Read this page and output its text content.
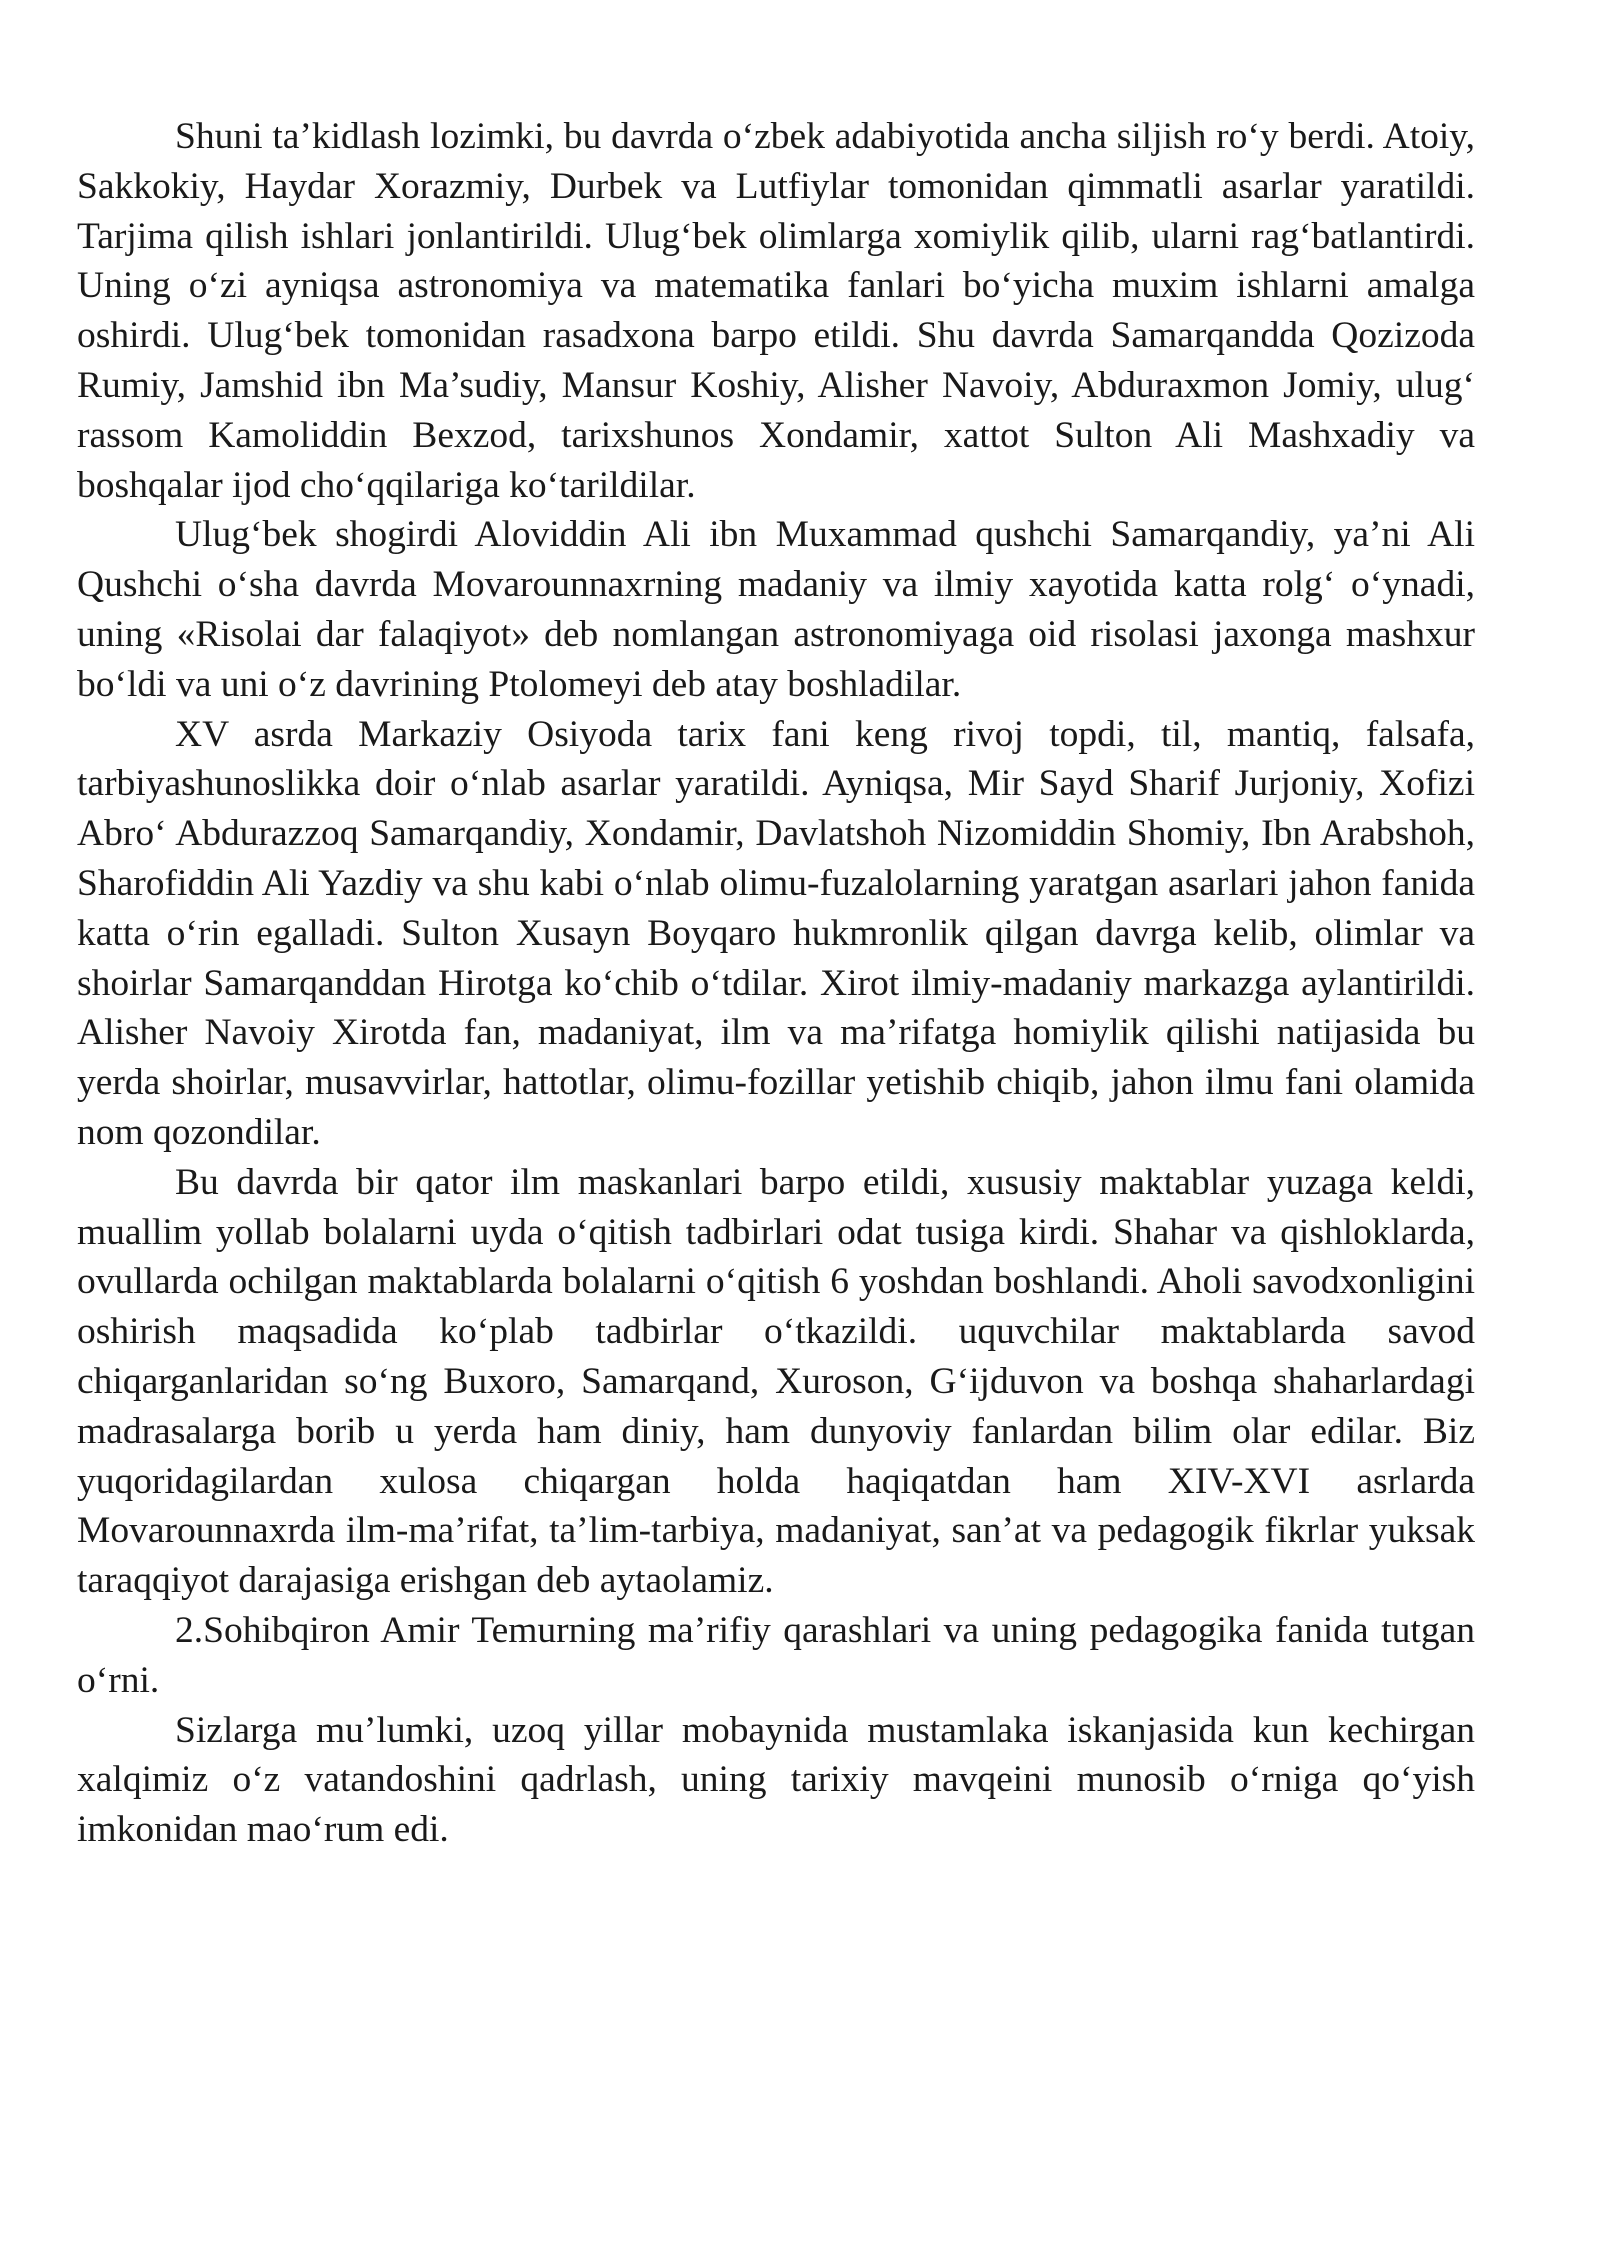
Shuni ta’kidlash lozimki, bu davrda o‘zbek adabiyotida ancha siljish ro‘y berdi. Atoiy, Sakkokiy, Haydar Xorazmiy, Durbek va Lutfiylar tomonidan qimmatli asarlar yaratildi. Tarjima qilish ishlari jonlantirildi. Ulug‘bek olimlarga xomiylik qilib, ularni rag‘batlantirdi. Uning o‘zi ayniqsa astronomiya va matematika fanlari bo‘yicha muxim ishlarni amalga oshirdi. Ulug‘bek tomonidan rasadxona barpo etildi. Shu davrda Samarqandda Qozizoda Rumiy, Jamshid ibn Ma’sudiy, Mansur Koshiy, Alisher Navoiy, Abduraxmon Jomiy, ulug‘ rassom Kamoliddin Bexzod, tarixshunos Xondamir, xattot Sulton Ali Mashxadiy va boshqalar ijod cho‘qqilariga ko‘tarildilar.

Ulug‘bek shogirdi Aloviddin Ali ibn Muxammad qushchi Samarqandiy, ya’ni Ali Qushchi o‘sha davrda Movarounnaxrning madaniy va ilmiy xayotida katta rolg‘ o‘ynadi, uning «Risolai dar falaqiyot» deb nomlangan astronomiyaga oid risolasi jaxonga mashxur bo‘ldi va uni o‘z davrining Ptolomeyi deb atay boshladilar.

XV asrda Markaziy Osiyoda tarix fani keng rivoj topdi, til, mantiq, falsafa, tarbiyashunoslikka doir o‘nlab asarlar yaratildi. Ayniqsa, Mir Sayd Sharif Jurjoniy, Xofizi Abro‘ Abdurazzoq Samarqandiy, Xondamir, Davlatshoh Nizomiddin Shomiy, Ibn Arabshoh, Sharofiddin Ali Yazdiy va shu kabi o‘nlab olimu-fuzalolarning yaratgan asarlari jahon fanida katta o‘rin egalladi. Sulton Xusayn Boyqaro hukmronlik qilgan davrga kelib, olimlar va shoirlar Samarqanddan Hirotga ko‘chib o‘tdilar. Xirot ilmiy-madaniy markazga aylantirildi. Alisher Navoiy Xirotda fan, madaniyat, ilm va ma’rifatga homiylik qilishi natijasida bu yerda shoirlar, musavvirlar, hattotlar, olimu-fozillar yetishib chiqib, jahon ilmu fani olamida nom qozondilar.

Bu davrda bir qator ilm maskanlari barpo etildi, xususiy maktablar yuzaga keldi, muallim yollab bolalarni uyda o‘qitish tadbirlari odat tusiga kirdi. Shahar va qishloklarda, ovullarda ochilgan maktablarda bolalarni o‘qitish 6 yoshdan boshlandi. Aholi savodxonligini oshirish maqsadida ko‘plab tadbirlar o‘tkazildi. uquvchilar maktablarda savod chiqarganlaridan so‘ng Buxoro, Samarqand, Xuroson, G‘ijduvon va boshqa shaharlardagi madrasalarga borib u yerda ham diniy, ham dunyoviy fanlardan bilim olar edilar. Biz yuqoridagilardan xulosa chiqargan holda haqiqatdan ham XIV-XVI asrlarda Movarounnaxrda ilm-ma’rifat, ta’lim-tarbiya, madaniyat, san’at va pedagogik fikrlar yuksak taraqqiyot darajasiga erishgan deb aytaolamiz.

2.Sohibqiron Amir Temurning ma’rifiy qarashlari va uning pedagogika fanida tutgan o‘rni.

Sizlarga mu’lumki, uzoq yillar mobaynida mustamlaka iskanjasida kun kechirgan xalqimiz o‘z vatandoshini qadrlash, uning tarixiy mavqeini munosib o‘rniga qo‘yish imkonidan mao‘rum edi.
